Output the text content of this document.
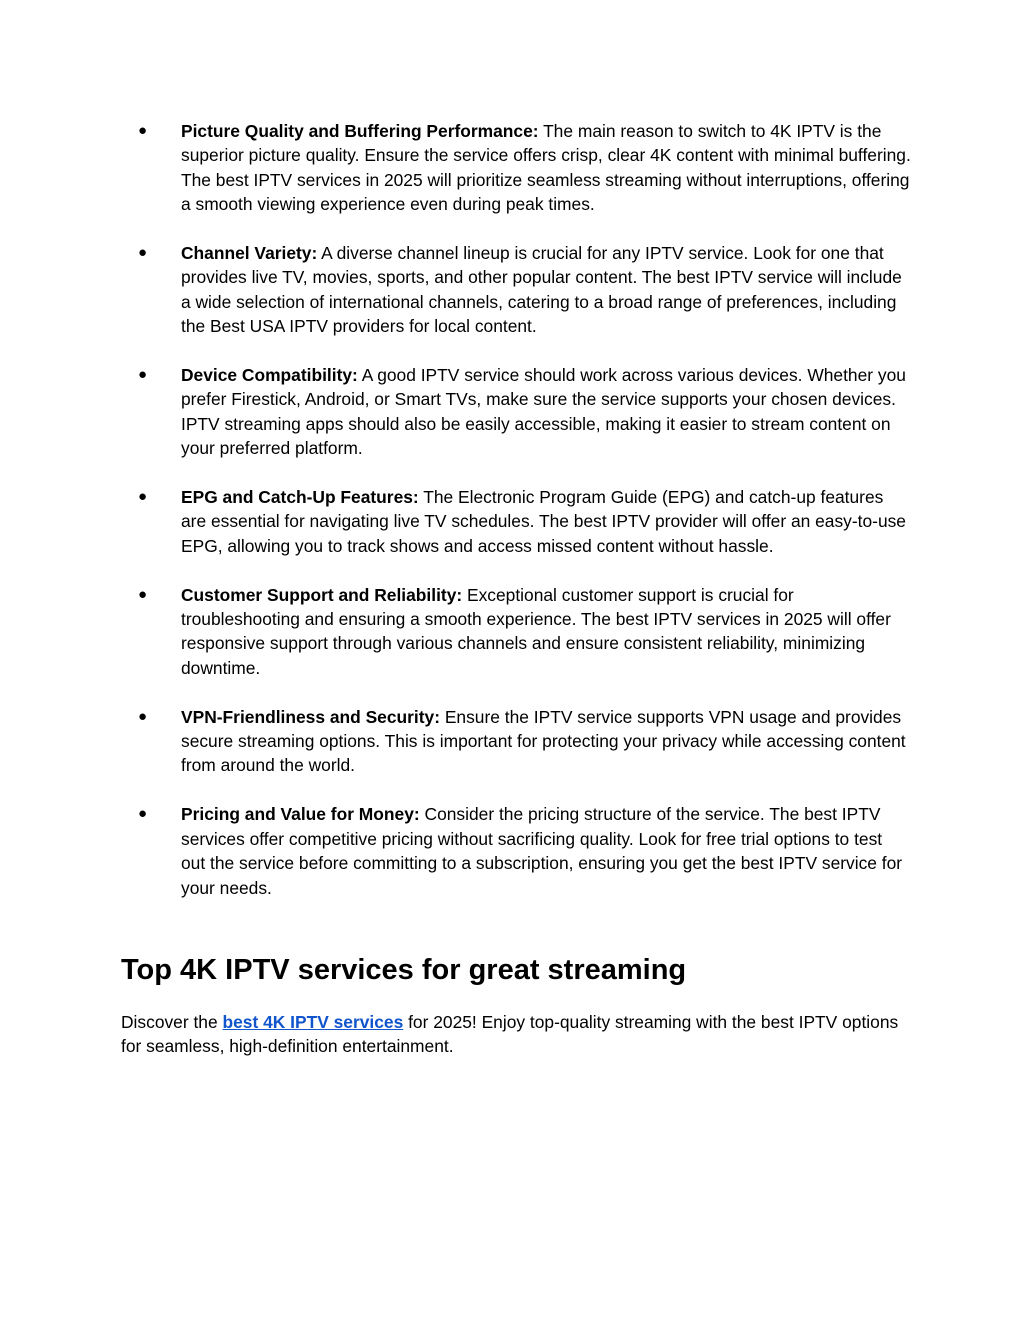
● Picture Quality and Buffering Performance: The main reason to switch to 4K IPTV is the superior picture quality. Ensure the service offers crisp, clear 4K content with minimal buffering. The best IPTV services in 2025 will prioritize seamless streaming without interruptions, offering a smooth viewing experience even during peak times.
● Channel Variety: A diverse channel lineup is crucial for any IPTV service. Look for one that provides live TV, movies, sports, and other popular content. The best IPTV service will include a wide selection of international channels, catering to a broad range of preferences, including the Best USA IPTV providers for local content.
● Device Compatibility: A good IPTV service should work across various devices. Whether you prefer Firestick, Android, or Smart TVs, make sure the service supports your chosen devices. IPTV streaming apps should also be easily accessible, making it easier to stream content on your preferred platform.
● EPG and Catch-Up Features: The Electronic Program Guide (EPG) and catch-up features are essential for navigating live TV schedules. The best IPTV provider will offer an easy-to-use EPG, allowing you to track shows and access missed content without hassle.
● Customer Support and Reliability: Exceptional customer support is crucial for troubleshooting and ensuring a smooth experience. The best IPTV services in 2025 will offer responsive support through various channels and ensure consistent reliability, minimizing downtime.
● VPN-Friendliness and Security: Ensure the IPTV service supports VPN usage and provides secure streaming options. This is important for protecting your privacy while accessing content from around the world.
● Pricing and Value for Money: Consider the pricing structure of the service. The best IPTV services offer competitive pricing without sacrificing quality. Look for free trial options to test out the service before committing to a subscription, ensuring you get the best IPTV service for your needs.
Top 4K IPTV services for great streaming

Discover the best 4K IPTV services for 2025! Enjoy top-quality streaming with the best IPTV options for seamless, high-definition entertainment.
